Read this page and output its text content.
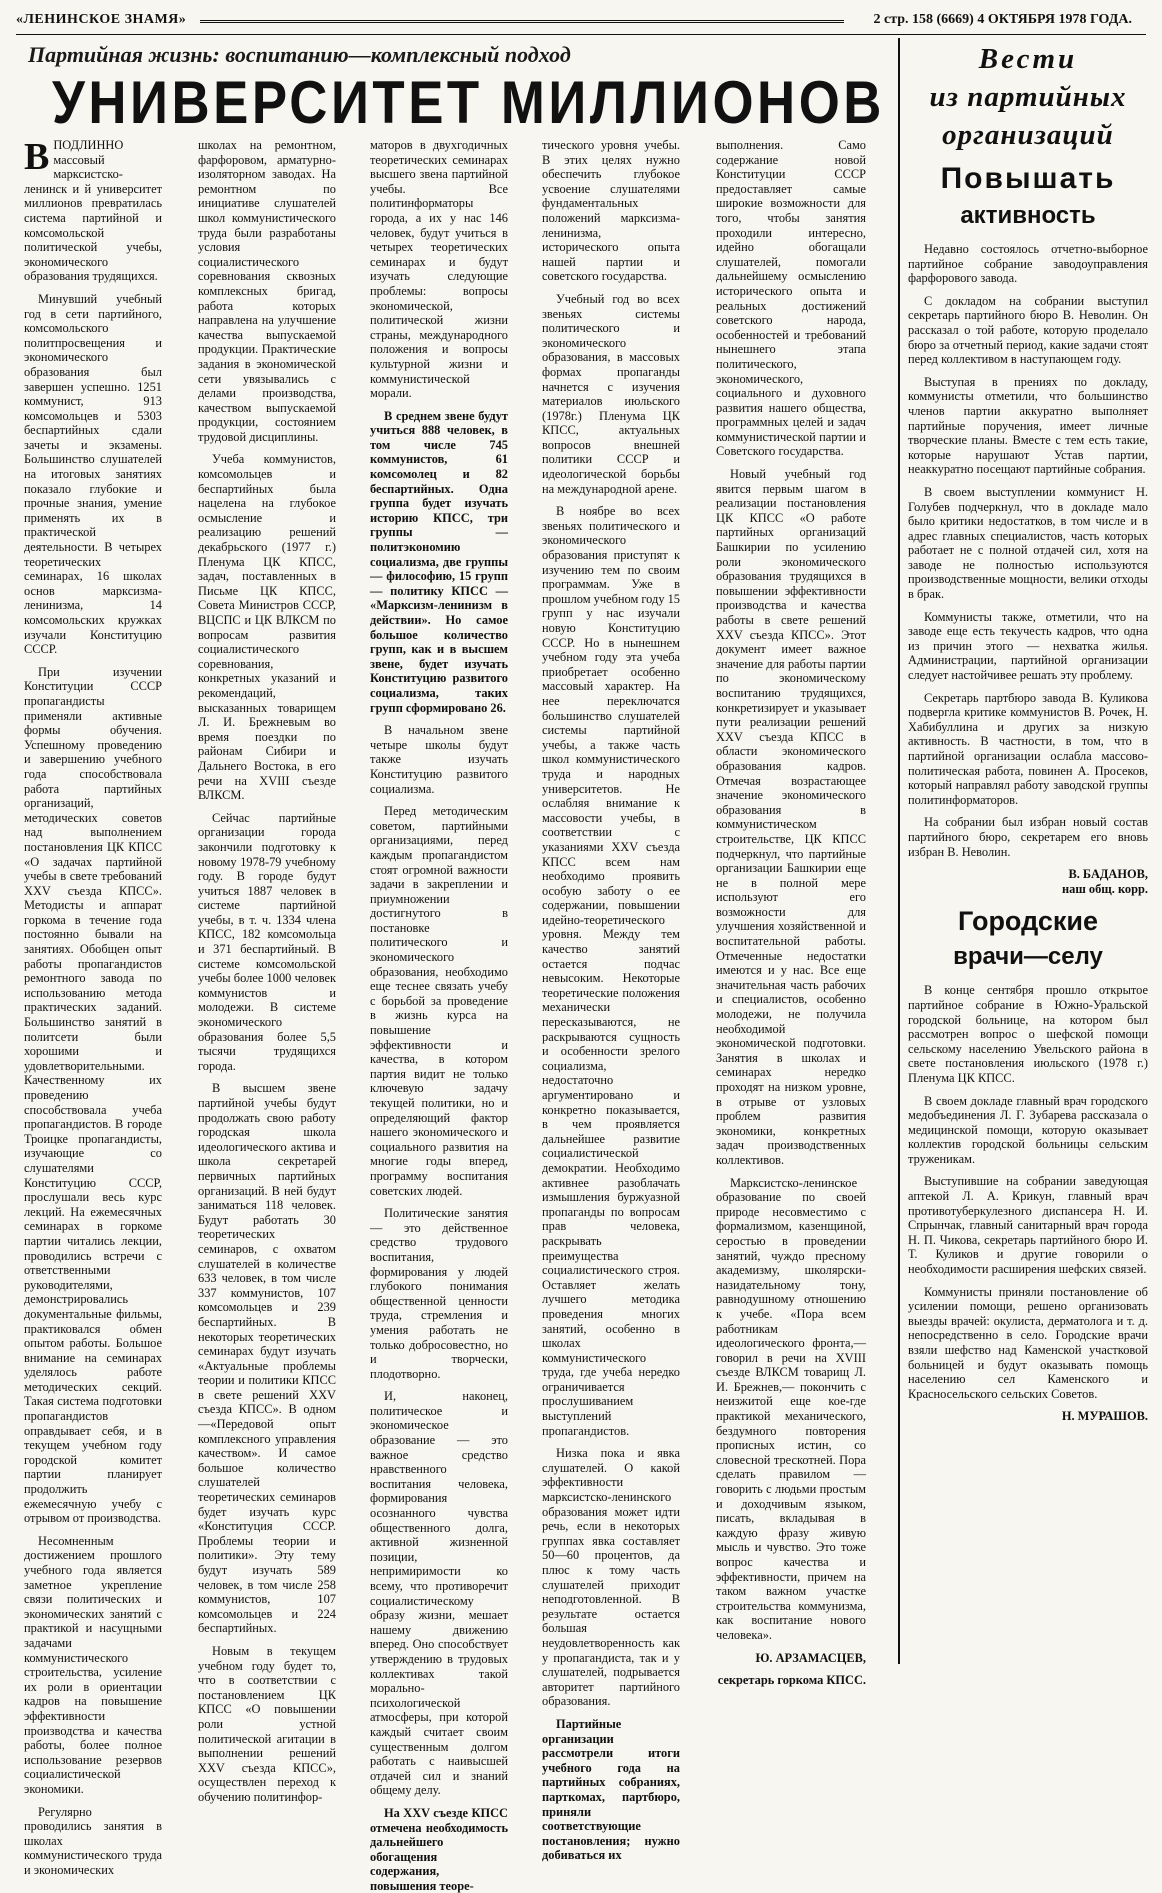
«ЛЕНИНСКОЕ ЗНАМЯ»	2 стр. 158 (6669) 4 ОКТЯБРЯ 1978 ГОДА.
Партийная жизнь: воспитанию—комплексный подход
УНИВЕРСИТЕТ МИЛЛИОНОВ

ВПОДЛИННО массовый марксистско-ленинск и й университет миллионов превратилась система партийной и комсомольской политической учебы, экономического образования трудящихся.

Минувший учебный год в сети партийного, комсомольского политпросвещения и экономического образования был завершен успешно. 1251 коммунист, 913 комсомольцев и 5303 беспартийных сдали зачеты и экзамены. Большинство слушателей на итоговых занятиях показало глубокие и прочные знания, умение применять их в практической деятельности. В четырех теоретических семинарах, 16 школах основ марксизма-ленинизма, 14 комсомольских кружках изучали Конституцию СССР.

При изучении Конституции СССР пропагандисты применяли активные формы обучения. Успешному проведению и завершению учебного года способствовала работа партийных организаций, методических советов над выполнением постановления ЦК КПСС «О задачах партийной учебы в свете требований XXV съезда КПСС». Методисты и аппарат горкома в течение года постоянно бывали на занятиях. Обобщен опыт работы пропагандистов ремонтного завода по использованию метода практических заданий. Большинство занятий в политсети были хорошими и удовлетворительными. Качественному их проведению способствовала учеба пропагандистов. В городе Троицке пропагандисты, изучающие со слушателями Конституцию СССР, прослушали весь курс лекций. На ежемесячных семинарах в горкоме партии читались лекции, проводились встречи с ответственными руководителями, демонстрировались документальные фильмы, практиковался обмен опытом работы. Большое внимание на семинарах уделялось работе методических секций. Такая система подготовки пропагандистов оправдывает себя, и в текущем учебном году городской комитет партии планирует продолжить ежемесячную учебу с отрывом от производства.

Несомненным достижением прошлого учебного года является заметное укрепление связи политических и экономических занятий с практикой и насущными задачами коммунистического строительства, усиление их роли в ориентации кадров на повышение эффективности производства и качества работы, более полное использование резервов социалистической экономики.

Регулярно проводились занятия в школах коммунистического труда и экономических

школах на ремонтном, фарфоровом, арматурно-изоляторном заводах. На ремонтном по инициативе слушателей школ коммунистического труда были разработаны условия социалистического соревнования сквозных комплексных бригад, работа которых направлена на улучшение качества выпускаемой продукции. Практические задания в экономической сети увязывались с делами производства, качеством выпускаемой продукции, состоянием трудовой дисциплины.

Учеба коммунистов, комсомольцев и беспартийных была нацелена на глубокое осмысление и реализацию решений декабрьского (1977 г.) Пленума ЦК КПСС, задач, поставленных в Письме ЦК КПСС, Совета Министров СССР, ВЦСПС и ЦК ВЛКСМ по вопросам развития социалистического соревнования, конкретных указаний и рекомендаций, высказанных товарищем Л. И. Брежневым во время поездки по районам Сибири и Дальнего Востока, в его речи на XVIII съезде ВЛКСМ.

Сейчас партийные организации города закончили подготовку к новому 1978-79 учебному году. В городе будут учиться 1887 человек в системе партийной учебы, в т. ч. 1334 члена КПСС, 182 комсомольца и 371 беспартийный. В системе комсомольской учебы более 1000 человек коммунистов и молодежи. В системе экономического образования более 5,5 тысячи трудящихся города.

В высшем звене партийной учебы будут продолжать свою работу городская школа идеологического актива и школа секретарей первичных партийных организаций. В ней будут заниматься 118 человек. Будут работать 30 теоретических семинаров, с охватом слушателей в количестве 633 человек, в том числе 337 коммунистов, 107 комсомольцев и 239 беспартийных. В некоторых теоретических семинарах будут изучать «Актуальные проблемы теории и политики КПСС в свете решений XXV съезда КПСС». В одном—«Передовой опыт комплексного управления качеством». И самое большое количество слушателей теоретических семинаров будет изучать курс «Конституция СССР. Проблемы теории и политики». Эту тему будут изучать 589 человек, в том числе 258 коммунистов, 107 комсомольцев и 224 беспартийных.

Новым в текущем учебном году будет то, что в соответствии с постановлением ЦК КПСС «О повышении роли устной политической агитации в выполнении решений XXV съезда КПСС», осуществлен переход к обучению политинфор-

маторов в двухгодичных теоретических семинарах высшего звена партийной учебы. Все политинформаторы города, а их у нас 146 человек, будут учиться в четырех теоретических семинарах и будут изучать следующие проблемы: вопросы экономической, политической жизни страны, международного положения и вопросы культурной жизни и коммунистической морали.

В среднем звене будут учиться 888 человек, в том числе 745 коммунистов, 61 комсомолец и 82 беспартийных. Одна группа будет изучать историю КПСС, три группы — политэкономию социализма, две группы — философию, 15 групп — политику КПСС — «Марксизм-ленинизм в действии». Но самое большое количество групп, как и в высшем звене, будет изучать Конституцию развитого социализма, таких групп сформировано 26.

В начальном звене четыре школы будут также изучать Конституцию развитого социализма.

Перед методическим советом, партийными организациями, перед каждым пропагандистом стоят огромной важности задачи в закреплении и приумножении достигнутого в постановке политического и экономического образования, необходимо еще теснее связать учебу с борьбой за проведение в жизнь курса на повышение эффективности и качества, в котором партия видит не только ключевую задачу текущей политики, но и определяющий фактор нашего экономического и социального развития на многие годы вперед, программу воспитания советских людей.

Политические занятия — это действенное средство трудового воспитания, формирования у людей глубокого понимания общественной ценности труда, стремления и умения работать не только добросовестно, но и творчески, плодотворно.

И, наконец, политическое и экономическое образование — это важное средство нравственного воспитания человека, формирования осознанного чувства общественного долга, активной жизненной позиции, непримиримости ко всему, что противоречит социалистическому образу жизни, мешает нашему движению вперед. Оно способствует утверждению в трудовых коллективах такой морально-психологической атмосферы, при которой каждый считает своим существенным долгом работать с наивысшей отдачей сил и знаний общему делу.

На XXV съезде КПСС отмечена необходимость дальнейшего обогащения содержания, повышения теоре-

тического уровня учебы. В этих целях нужно обеспечить глубокое усвоение слушателями фундаментальных положений марксизма-ленинизма, исторического опыта нашей партии и советского государства.

Учебный год во всех звеньях системы политического и экономического образования, в массовых формах пропаганды начнется с изучения материалов июльского (1978г.) Пленума ЦК КПСС, актуальных вопросов внешней политики СССР и идеологической борьбы на международной арене.

В ноябре во всех звеньях политического и экономического образования приступят к изучению тем по своим программам. Уже в прошлом учебном году 15 групп у нас изучали новую Конституцию СССР. Но в нынешнем учебном году эта учеба приобретает особенно массовый характер. На нее переключатся большинство слушателей системы партийной учебы, а также часть школ коммунистического труда и народных университетов. Не ослабляя внимание к массовости учебы, в соответствии с указаниями XXV съезда КПСС всем нам необходимо проявить особую заботу о ее содержании, повышении идейно-теоретического уровня. Между тем качество занятий остается подчас невысоким. Некоторые теоретические положения механически пересказываются, не раскрываются сущность и особенности зрелого социализма, недостаточно аргументировано и конкретно показывается, в чем проявляется дальнейшее развитие социалистической демократии. Необходимо активнее разоблачать измышления буржуазной пропаганды по вопросам прав человека, раскрывать преимущества социалистического строя. Оставляет желать лучшего методика проведения многих занятий, особенно в школах коммунистического труда, где учеба нередко ограничивается прослушиванием выступлений пропагандистов.

Низка пока и явка слушателей. О какой эффективности марксистско-ленинского образования может идти речь, если в некоторых группах явка составляет 50—60 процентов, да плюс к тому часть слушателей приходит неподготовленной. В результате остается большая неудовлетворенность как у пропагандиста, так и у слушателей, подрывается авторитет партийного образования.

Партийные организации рассмотрели итоги учебного года на партийных собраниях, парткомах, партбюро, приняли соответствующие постановления; нужно добиваться их

выполнения. Само содержание новой Конституции СССР предоставляет самые широкие возможности для того, чтобы занятия проходили интересно, идейно обогащали слушателей, помогали дальнейшему осмыслению исторического опыта и реальных достижений советского народа, особенностей и требований нынешнего этапа политического, экономического, социального и духовного развития нашего общества, программных целей и задач коммунистической партии и Советского государства.

Новый учебный год явится первым шагом в реализации постановления ЦК КПСС «О работе партийных организаций Башкирии по усилению роли экономического образования трудящихся в повышении эффективности производства и качества работы в свете решений XXV съезда КПСС». Этот документ имеет важное значение для работы партии по экономическому воспитанию трудящихся, конкретизирует и указывает пути реализации решений XXV съезда КПСС в области экономического образования кадров. Отмечая возрастающее значение экономического образования в коммунистическом строительстве, ЦК КПСС подчеркнул, что партийные организации Башкирии еще не в полной мере используют его возможности для улучшения хозяйственной и воспитательной работы. Отмеченные недостатки имеются и у нас. Все еще значительная часть рабочих и специалистов, особенно молодежи, не получила необходимой экономической подготовки. Занятия в школах и семинарах нередко проходят на низком уровне, в отрыве от узловых проблем развития экономики, конкретных задач производственных коллективов.

Марксистско-ленинское образование по своей природе несовместимо с формализмом, казенщиной, серостью в проведении занятий, чуждо пресному академизму, школярски-назидательному тону, равнодушному отношению к учебе. «Пора всем работникам идеологического фронта,— говорил в речи на XVIII съезде ВЛКСМ товарищ Л. И. Брежнев,— покончить с неизжитой еще кое-где практикой механического, бездумного повторения прописных истин, со словесной трескотней. Пора сделать правилом — говорить с людьми простым и доходчивым языком, писать, вкладывая в каждую фразу живую мысль и чувство. Это тоже вопрос качества и эффективности, причем на таком важном участке строительства коммунизма, как воспитание нового человека».

Ю. АРЗАМАСЦЕВ,

секретарь горкома КПСС.

Вести
из партийных
организаций
Повышать
активность

Недавно состоялось отчетно-выборное партийное собрание заводоуправления фарфорового завода.

С докладом на собрании выступил секретарь партийного бюро В. Неволин. Он рассказал о той работе, которую проделало бюро за отчетный период, какие задачи стоят перед коллективом в наступающем году.

Выступая в прениях по докладу, коммунисты отметили, что большинство членов партии аккуратно выполняет партийные поручения, имеет личные творческие планы. Вместе с тем есть такие, которые нарушают Устав партии, неаккуратно посещают партийные собрания.

В своем выступлении коммунист Н. Голубев подчеркнул, что в докладе мало было критики недостатков, в том числе и в адрес главных специалистов, часть которых работает не с полной отдачей сил, хотя на заводе не полностью используются производственные мощности, велики отходы в брак.

Коммунисты также, отметили, что на заводе еще есть текучесть кадров, что одна из причин этого — нехватка жилья. Администрации, партийной организации следует настойчивее решать эту проблему.

Секретарь партбюро завода В. Куликова подвергла критике коммунистов В. Рочек, Н. Хабибуллина и других за низкую активность. В частности, в том, что в партийной организации ослабла массово-политическая работа, повинен А. Просеков, который направлял работу заводской группы политинформаторов.

На собрании был избран новый состав партийного бюро, секретарем его вновь избран В. Неволин.

В. БАДАНОВ,
наш общ. корр.
Городские
врачи—селу

В конце сентября прошло открытое партийное собрание в Южно-Уральской городской больнице, на котором был рассмотрен вопрос о шефской помощи сельскому населению Увельского района в свете постановления июльского (1978 г.) Пленума ЦК КПСС.

В своем докладе главный врач городского медобъединения Л. Г. Зубарева рассказала о медицинской помощи, которую оказывает коллектив городской больницы сельским труженикам.

Выступившие на собрании заведующая аптекой Л. А. Крикун, главный врач противотуберкулезного диспансера Н. И. Спрынчак, главный санитарный врач города Н. П. Чикова, секретарь партийного бюро И. Т. Куликов и другие говорили о необходимости расширения шефских связей.

Коммунисты приняли постановление об усилении помощи, решено организовать выезды врачей: окулиста, дерматолога и т. д. непосредственно в село. Городские врачи взяли шефство над Каменской участковой больницей и будут оказывать помощь населению сел Каменского и Красносельского сельских Советов.

Н. МУРАШОВ.
